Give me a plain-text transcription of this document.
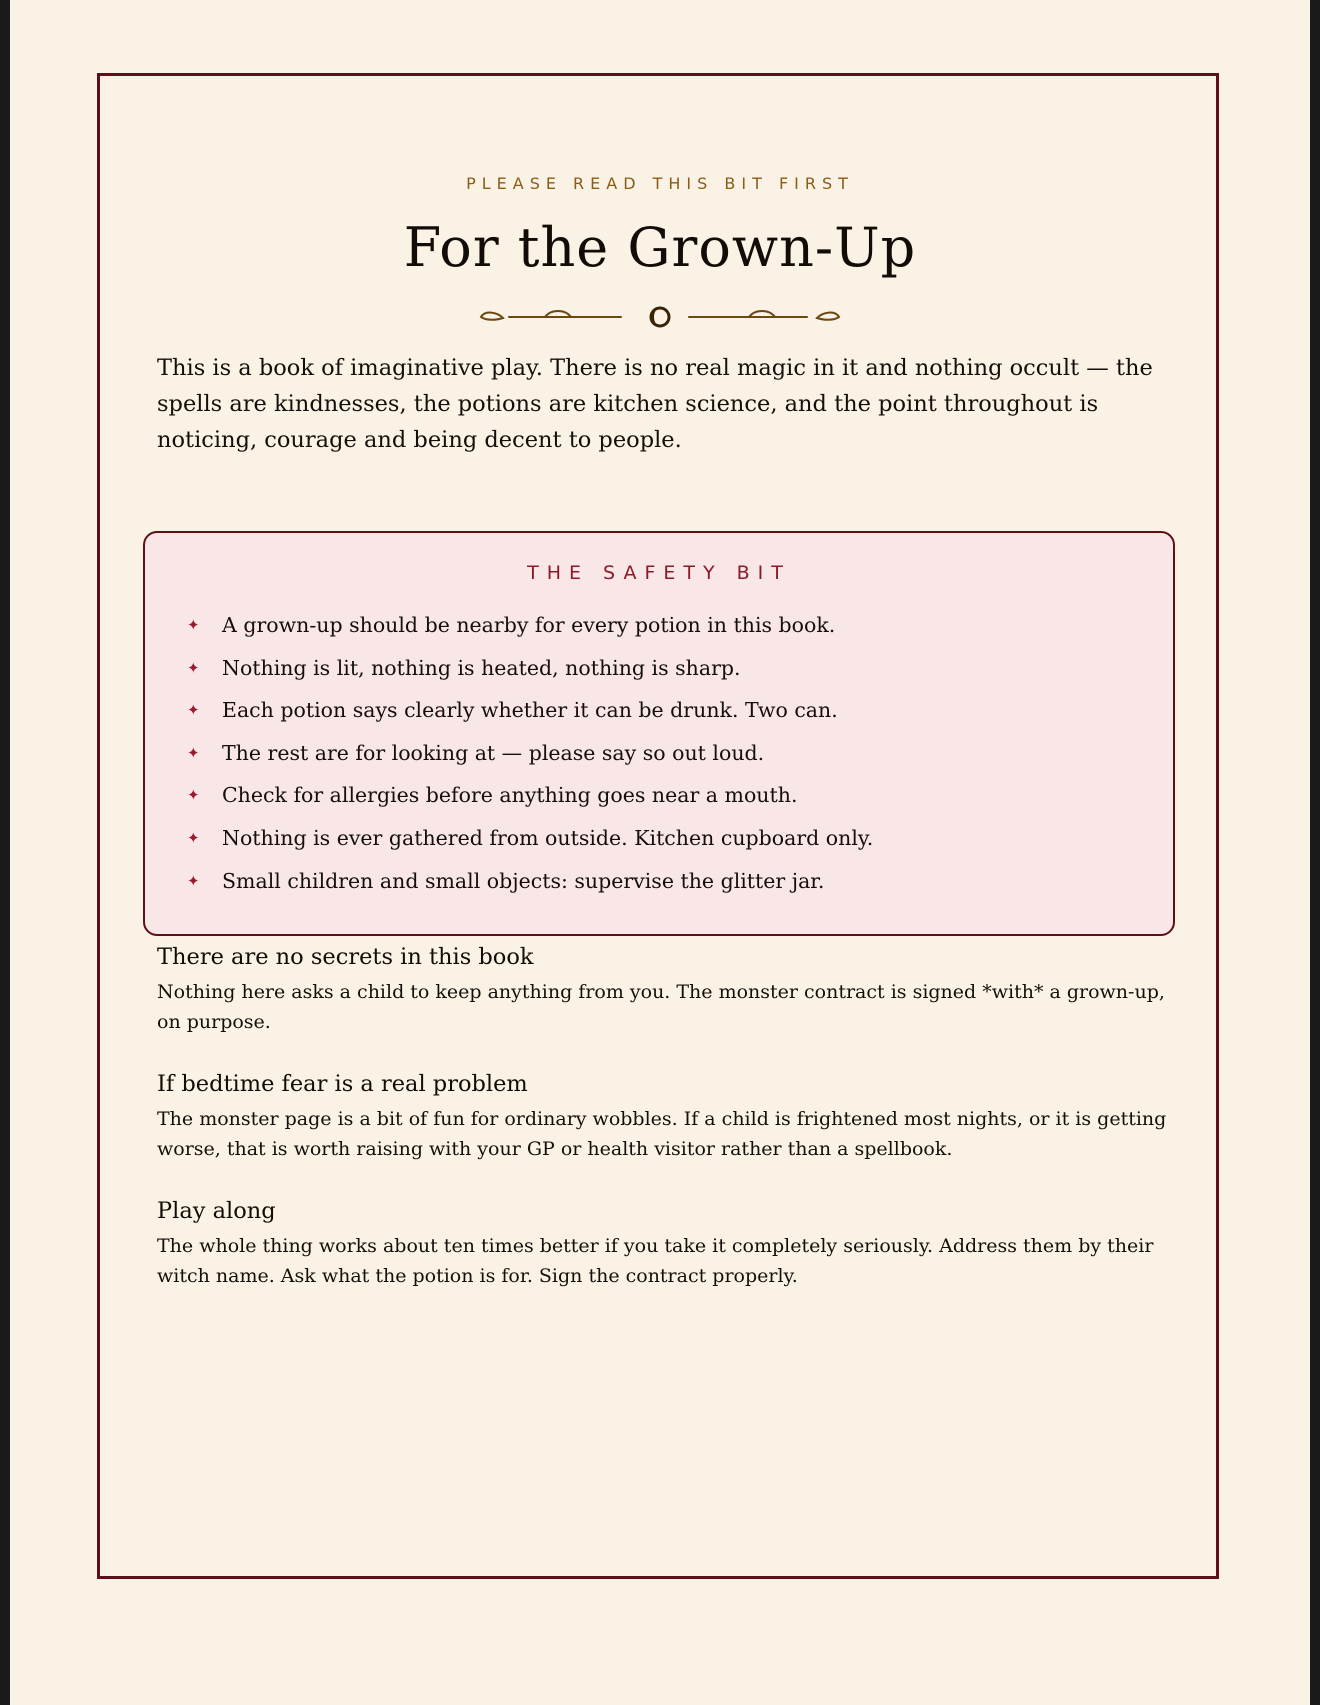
PLEASE READ THIS BIT FIRST
For the Grown-Up
This is a book of imaginative play. There is no real magic in it and nothing occult — the spells are kindnesses, the potions are kitchen science, and the point throughout is noticing, courage and being decent to people.
THE SAFETY BIT
✦ A grown-up should be nearby for every potion in this book.
✦ Nothing is lit, nothing is heated, nothing is sharp.
✦ Each potion says clearly whether it can be drunk. Two can.
✦ The rest are for looking at — please say so out loud.
✦ Check for allergies before anything goes near a mouth.
✦ Nothing is ever gathered from outside. Kitchen cupboard only.
✦ Small children and small objects: supervise the glitter jar.
There are no secrets in this book

Nothing here asks a child to keep anything from you. The monster contract is signed *with* a grown-up, on purpose.

If bedtime fear is a real problem

The monster page is a bit of fun for ordinary wobbles. If a child is frightened most nights, or it is getting worse, that is worth raising with your GP or health visitor rather than a spellbook.

Play along

The whole thing works about ten times better if you take it completely seriously. Address them by their witch name. Ask what the potion is for. Sign the contract properly.
